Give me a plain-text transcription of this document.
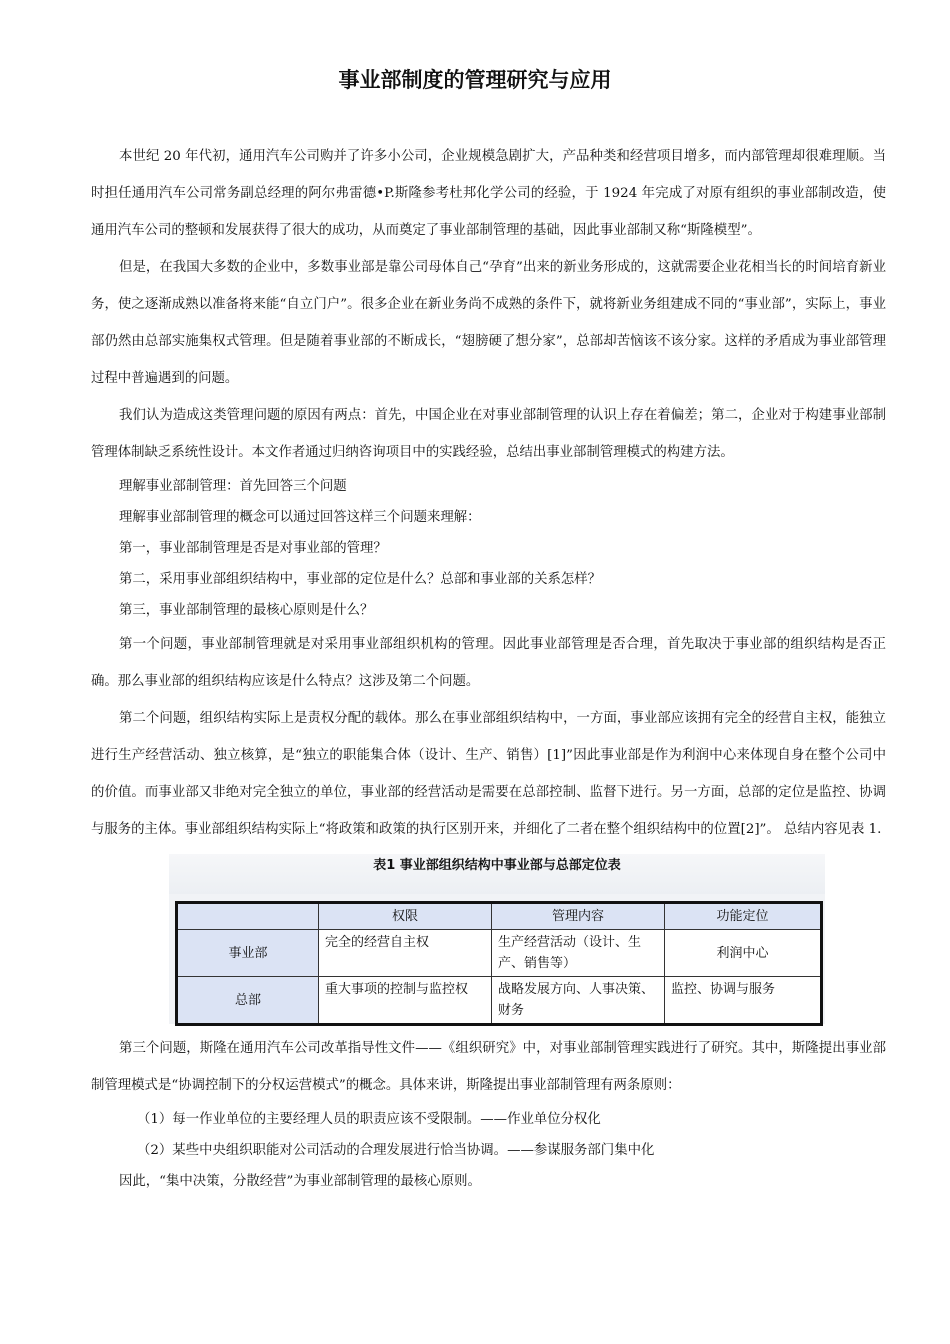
事业部制度的管理研究与应用

本世纪 20 年代初，通用汽车公司购并了许多小公司，企业规模急剧扩大，产品种类和经营项目增多，而内部管理却很难理顺。当时担任通用汽车公司常务副总经理的阿尔弗雷德•P.斯隆参考杜邦化学公司的经验，于 1924 年完成了对原有组织的事业部制改造，使通用汽车公司的整顿和发展获得了很大的成功，从而奠定了事业部制管理的基础，因此事业部制又称“斯隆模型”。

但是，在我国大多数的企业中，多数事业部是靠公司母体自己“孕育”出来的新业务形成的，这就需要企业花相当长的时间培育新业务，使之逐渐成熟以准备将来能“自立门户”。很多企业在新业务尚不成熟的条件下，就将新业务组建成不同的“事业部”，实际上，事业部仍然由总部实施集权式管理。但是随着事业部的不断成长，“翅膀硬了想分家”，总部却苦恼该不该分家。这样的矛盾成为事业部管理过程中普遍遇到的问题。

我们认为造成这类管理问题的原因有两点：首先，中国企业在对事业部制管理的认识上存在着偏差；第二，企业对于构建事业部制管理体制缺乏系统性设计。本文作者通过归纳咨询项目中的实践经验，总结出事业部制管理模式的构建方法。

理解事业部制管理：首先回答三个问题

理解事业部制管理的概念可以通过回答这样三个问题来理解：

第一，事业部制管理是否是对事业部的管理？

第二，采用事业部组织结构中，事业部的定位是什么？总部和事业部的关系怎样？

第三，事业部制管理的最核心原则是什么？

第一个问题，事业部制管理就是对采用事业部组织机构的管理。因此事业部管理是否合理，首先取决于事业部的组织结构是否正确。那么事业部的组织结构应该是什么特点？这涉及第二个问题。

第二个问题，组织结构实际上是责权分配的载体。那么在事业部组织结构中，一方面，事业部应该拥有完全的经营自主权，能独立进行生产经营活动、独立核算，是“独立的职能集合体（设计、生产、销售）[1]”因此事业部是作为利润中心来体现自身在整个公司中的价值。而事业部又非绝对完全独立的单位，事业部的经营活动是需要在总部控制、监督下进行。另一方面，总部的定位是监控、协调与服务的主体。事业部组织结构实际上“将政策和政策的执行区别开来，并细化了二者在整个组织结构中的位置[2]”。 总结内容见表 1.

表1 事业部组织结构中事业部与总部定位表
	权限	管理内容	功能定位
事业部	完全的经营自主权	生产经营活动（设计、生产、销售等）	利润中心
总部	重大事项的控制与监控权	战略发展方向、人事决策、财务	监控、协调与服务

第三个问题，斯隆在通用汽车公司改革指导性文件——《组织研究》中，对事业部制管理实践进行了研究。其中，斯隆提出事业部制管理模式是“协调控制下的分权运营模式”的概念。具体来讲，斯隆提出事业部制管理有两条原则：

（1）每一作业单位的主要经理人员的职责应该不受限制。——作业单位分权化

（2）某些中央组织职能对公司活动的合理发展进行恰当协调。——参谋服务部门集中化

因此，“集中决策，分散经营”为事业部制管理的最核心原则。
